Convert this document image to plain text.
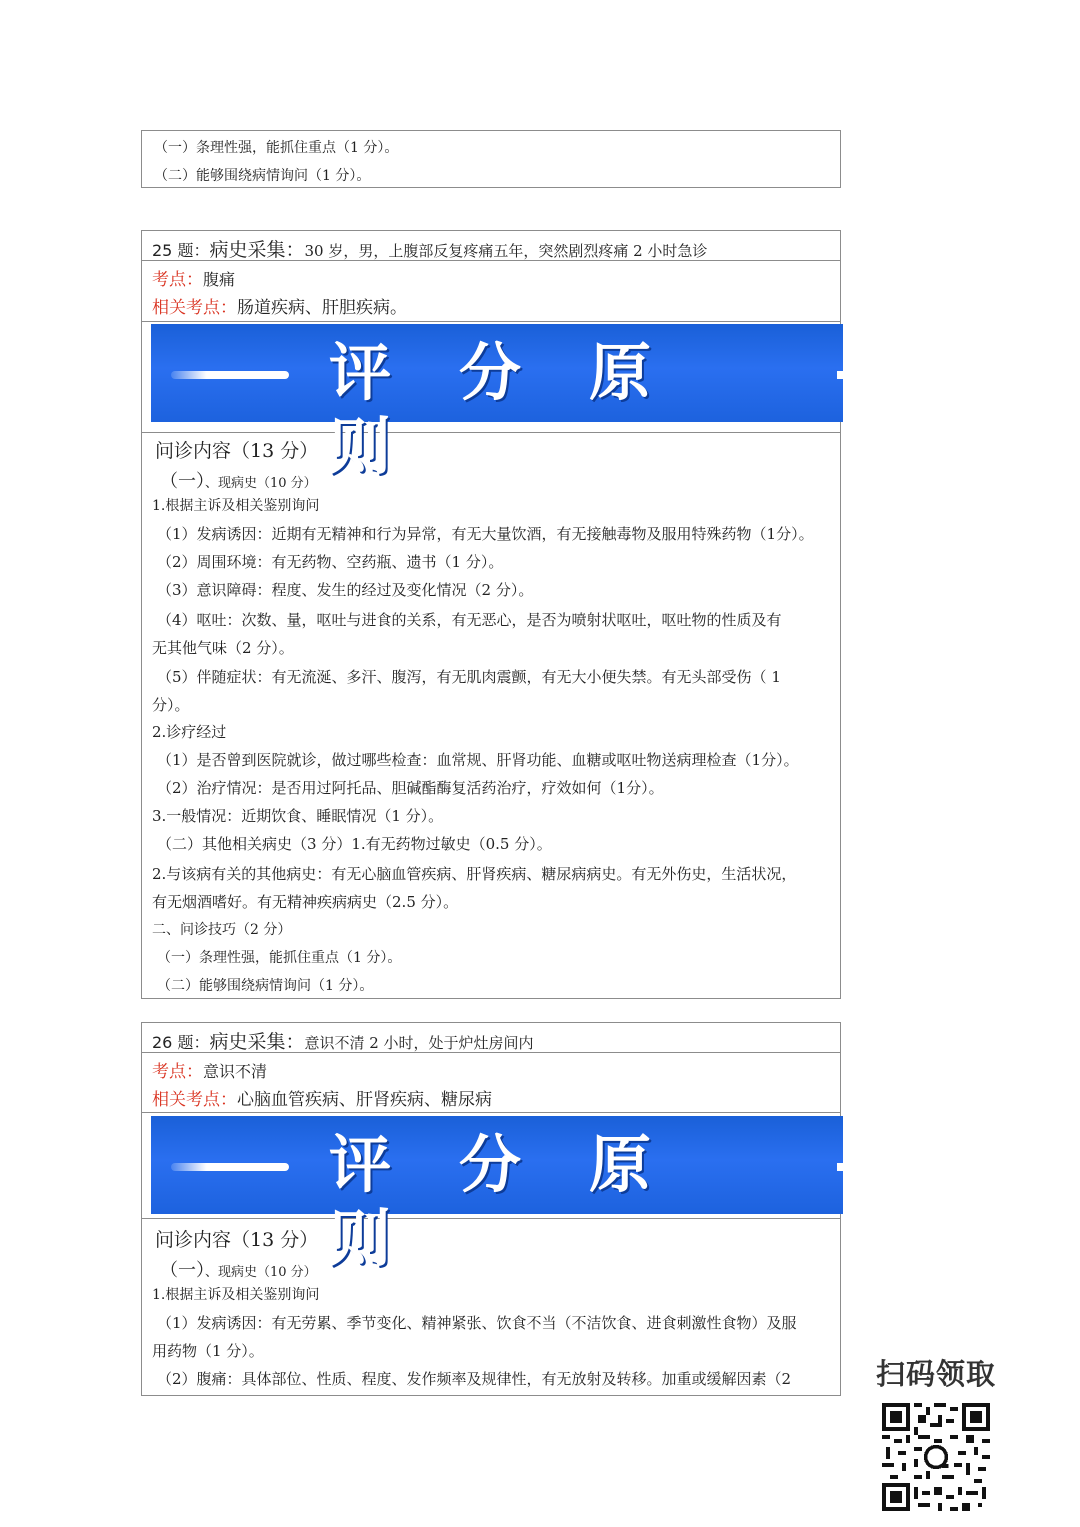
（一）条理性强，能抓住重点（1 分）。
（二）能够围绕病情询问（1 分）。
25 题：病史采集：30 岁，男，上腹部反复疼痛五年，突然剧烈疼痛 2 小时急诊
考点：腹痛
相关考点：肠道疾病、肝胆疾病。
评分原则
问诊内容（13 分）
（一）、现病史（10 分）
1.根据主诉及相关鉴别询问
（1）发病诱因：近期有无精神和行为异常，有无大量饮酒，有无接触毒物及服用特殊药物（1分）。
（2）周围环境：有无药物、空药瓶、遗书（1 分）。
（3）意识障碍：程度、发生的经过及变化情况（2 分）。
（4）呕吐：次数、量，呕吐与进食的关系，有无恶心，是否为喷射状呕吐，呕吐物的性质及有
无其他气味（2 分）。
（5）伴随症状：有无流涎、多汗、腹泻，有无肌肉震颤，有无大小便失禁。有无头部受伤（ 1
分）。
2.诊疗经过
（1）是否曾到医院就诊，做过哪些检查：血常规、肝肾功能、血糖或呕吐物送病理检查（1分）。
（2）治疗情况：是否用过阿托品、胆碱酯酶复活药治疗，疗效如何（1分）。
3.一般情况：近期饮食、睡眠情况（1 分）。
（二）其他相关病史（3 分）1.有无药物过敏史（0.5 分）。
2.与该病有关的其他病史：有无心脑血管疾病、肝肾疾病、糖尿病病史。有无外伤史，生活状况，
有无烟酒嗜好。有无精神疾病病史（2.5 分）。
二、问诊技巧（2 分）
（一）条理性强，能抓住重点（1 分）。
（二）能够围绕病情询问（1 分）。
26 题：病史采集：意识不清 2 小时，处于炉灶房间内
考点：意识不清
相关考点：心脑血管疾病、肝肾疾病、糖尿病
评分原则
问诊内容（13 分）
（一）、现病史（10 分）
1.根据主诉及相关鉴别询问
（1）发病诱因：有无劳累、季节变化、精神紧张、饮食不当（不洁饮食、进食刺激性食物）及服
用药物（1 分）。
（2）腹痛：具体部位、性质、程度、发作频率及规律性，有无放射及转移。加重或缓解因素（2	扫码领取
